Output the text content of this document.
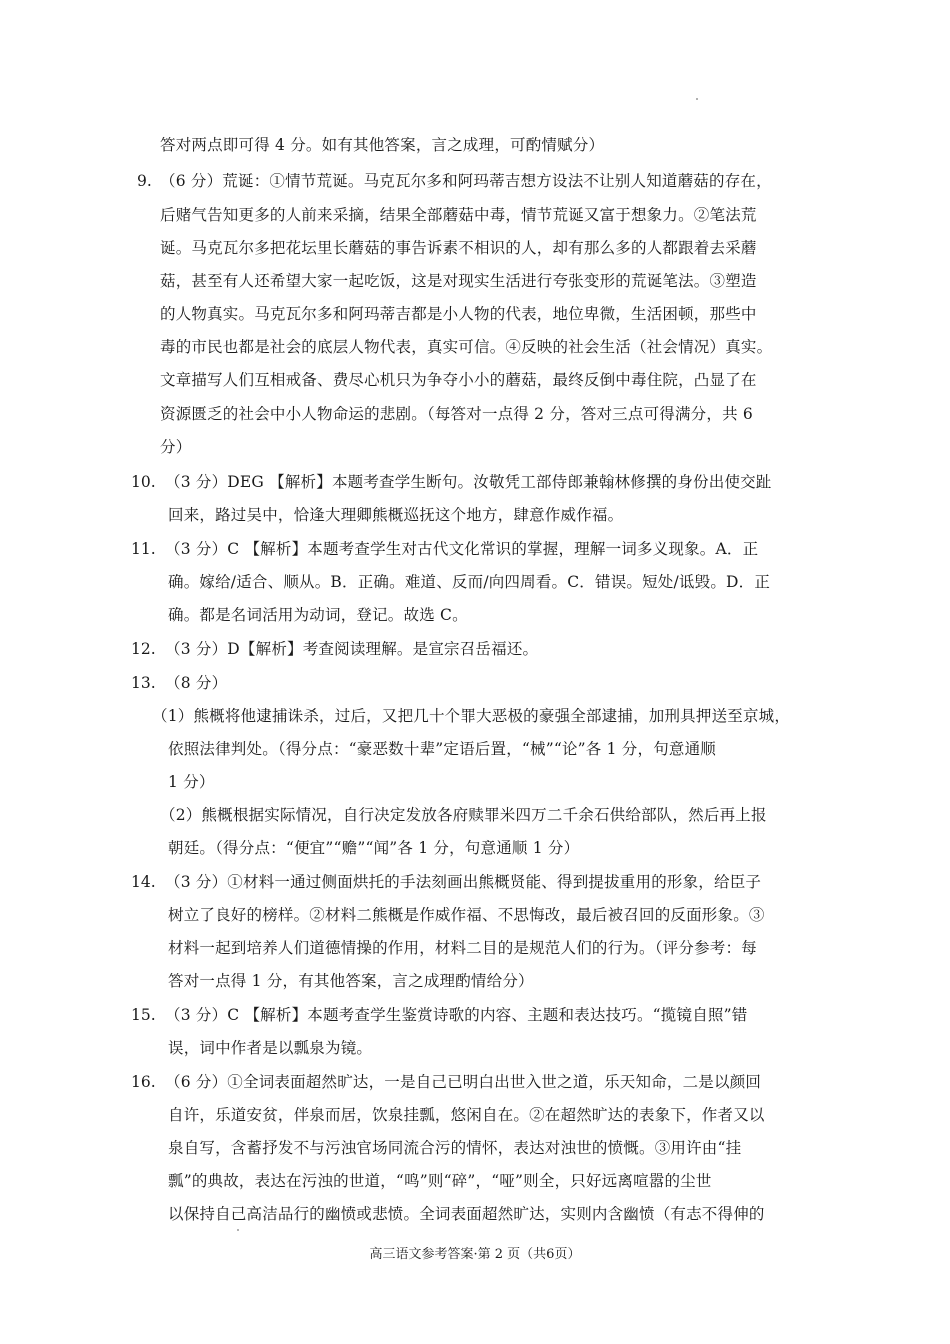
答对两点即可得 4 分。如有其他答案，言之成理，可酌情赋分）
9. （6 分）荒诞：①情节荒诞。马克瓦尔多和阿玛蒂吉想方设法不让别人知道蘑菇的存在，
后赌气告知更多的人前来采摘，结果全部蘑菇中毒，情节荒诞又富于想象力。②笔法荒
诞。马克瓦尔多把花坛里长蘑菇的事告诉素不相识的人，却有那么多的人都跟着去采蘑
菇，甚至有人还希望大家一起吃饭，这是对现实生活进行夸张变形的荒诞笔法。③塑造
的人物真实。马克瓦尔多和阿玛蒂吉都是小人物的代表，地位卑微，生活困顿，那些中
毒的市民也都是社会的底层人物代表，真实可信。④反映的社会生活（社会情况）真实。
文章描写人们互相戒备、费尽心机只为争夺小小的蘑菇，最终反倒中毒住院，凸显了在
资源匮乏的社会中小人物命运的悲剧。（每答对一点得 2 分，答对三点可得满分，共 6
分）
10. （3 分）DEG 【解析】本题考查学生断句。汝敬凭工部侍郎兼翰林修撰的身份出使交趾
回来，路过吴中，恰逢大理卿熊概巡抚这个地方，肆意作威作福。
11. （3 分）C 【解析】本题考查学生对古代文化常识的掌握，理解一词多义现象。A．正
确。嫁给/适合、顺从。B．正确。难道、反而/向四周看。C．错误。短处/诋毁。D．正
确。都是名词活用为动词，登记。故选 C。
12. （3 分）D【解析】考查阅读理解。是宣宗召岳福还。
13. （8 分）
（1）熊概将他逮捕诛杀，过后，又把几十个罪大恶极的豪强全部逮捕，加刑具押送至京城，
依照法律判处。（得分点：“豪恶数十辈”定语后置，“械”“论”各 1 分，句意通顺
1 分）
（2）熊概根据实际情况，自行决定发放各府赎罪米四万二千余石供给部队，然后再上报
朝廷。（得分点：“便宜”“赡”“闻”各 1 分，句意通顺 1 分）
14. （3 分）①材料一通过侧面烘托的手法刻画出熊概贤能、得到提拔重用的形象，给臣子
树立了良好的榜样。②材料二熊概是作威作福、不思悔改，最后被召回的反面形象。③
材料一起到培养人们道德情操的作用，材料二目的是规范人们的行为。（评分参考：每
答对一点得 1 分，有其他答案，言之成理酌情给分）
15. （3 分）C 【解析】本题考查学生鉴赏诗歌的内容、主题和表达技巧。“揽镜自照”错
误，词中作者是以瓢泉为镜。
16. （6 分）①全词表面超然旷达，一是自己已明白出世入世之道，乐天知命，二是以颜回
自许，乐道安贫，伴泉而居，饮泉挂瓢，悠闲自在。②在超然旷达的表象下，作者又以
泉自写，含蓄抒发不与污浊官场同流合污的情怀，表达对浊世的愤慨。③用许由“挂
瓢”的典故，表达在污浊的世道，“鸣”则“碎”，“哑”则全，只好远离喧嚣的尘世
以保持自己高洁品行的幽愤或悲愤。全词表面超然旷达，实则内含幽愤（有志不得伸的
高三语文参考答案·第 2 页（共6页）
